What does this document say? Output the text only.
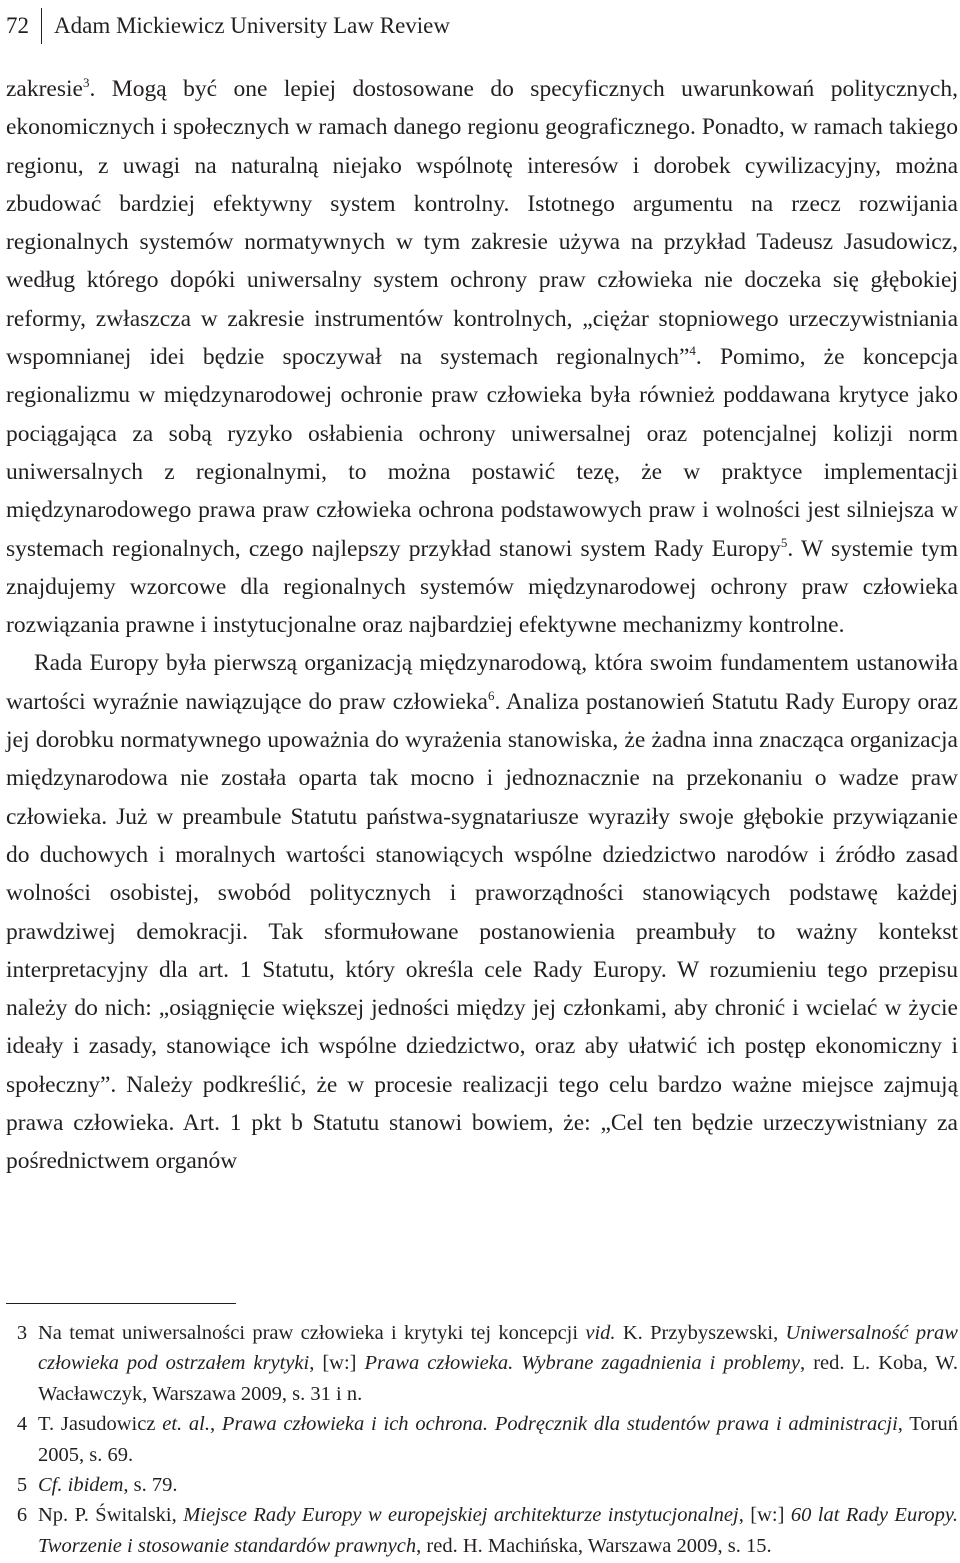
72	Adam Mickiewicz University Law Review

zakresie$^3$. Mogą być one lepiej dostosowane do specyficznych uwarunkowań politycznych, ekonomicznych i społecznych w ramach danego regionu geograficznego. Ponadto, w ramach takiego regionu, z uwagi na naturalną niejako wspólnotę interesów i dorobek cywilizacyjny, można zbudować bardziej efektywny system kontrolny. Istotnego argumentu na rzecz rozwijania regionalnych systemów normatywnych w tym zakresie używa na przykład Tadeusz Jasudowicz, według którego dopóki uniwersalny system ochrony praw człowieka nie doczeka się głębokiej reformy, zwłaszcza w zakresie instrumentów kontrolnych, „ciężar stopniowego urzeczywistniania wspomnianej idei będzie spoczywał na systemach regionalnych”$^4$. Pomimo, że koncepcja regionalizmu w międzynarodowej ochronie praw człowieka była również poddawana krytyce jako pociągająca za sobą ryzyko osłabienia ochrony uniwersalnej oraz potencjalnej kolizji norm uniwersalnych z regionalnymi, to można postawić tezę, że w praktyce implementacji międzynarodowego prawa praw człowieka ochrona podstawowych praw i wolności jest silniejsza w systemach regionalnych, czego najlepszy przykład stanowi system Rady Europy$^5$. W systemie tym znajdujemy wzorcowe dla regionalnych systemów międzynarodowej ochrony praw człowieka rozwiązania prawne i instytucjonalne oraz najbardziej efektywne mechanizmy kontrolne.

Rada Europy była pierwszą organizacją międzynarodową, która swoim fundamentem ustanowiła wartości wyraźnie nawiązujące do praw człowieka$^6$. Analiza postanowień Statutu Rady Europy oraz jej dorobku normatywnego upoważnia do wyrażenia stanowiska, że żadna inna znacząca organizacja międzynarodowa nie została oparta tak mocno i jednoznacznie na przekonaniu o wadze praw człowieka. Już w preambule Statutu państwa-sygnatariusze wyraziły swoje głębokie przywiązanie do duchowych i moralnych wartości stanowiących wspólne dziedzictwo narodów i źródło zasad wolności osobistej, swobód politycznych i praworządności stanowiących podstawę każdej prawdziwej demokracji. Tak sformułowane postanowienia preambuły to ważny kontekst interpretacyjny dla art. 1 Statutu, który określa cele Rady Europy. W rozumieniu tego przepisu należy do nich: „osiągnięcie większej jedności między jej członkami, aby chronić i wcielać w życie ideały i zasady, stanowiące ich wspólne dziedzictwo, oraz aby ułatwić ich postęp ekonomiczny i społeczny”. Należy podkreślić, że w procesie realizacji tego celu bardzo ważne miejsce zajmują prawa człowieka. Art. 1 pkt b Statutu stanowi bowiem, że: „Cel ten będzie urzeczywistniany za pośrednictwem organów

3 Na temat uniwersalności praw człowieka i krytyki tej koncepcji vid. K. Przybyszewski, Uniwersalność praw człowieka pod ostrzałem krytyki, [w:] Prawa człowieka. Wybrane zagadnienia i problemy, red. L. Koba, W. Wacławczyk, Warszawa 2009, s. 31 i n.
4 T. Jasudowicz et. al., Prawa człowieka i ich ochrona. Podręcznik dla studentów prawa i administracji, Toruń 2005, s. 69.
5 Cf. ibidem, s. 79.
6 Np. P. Świtalski, Miejsce Rady Europy w europejskiej architekturze instytucjonalnej, [w:] 60 lat Rady Europy. Tworzenie i stosowanie standardów prawnych, red. H. Machińska, Warszawa 2009, s. 15.
